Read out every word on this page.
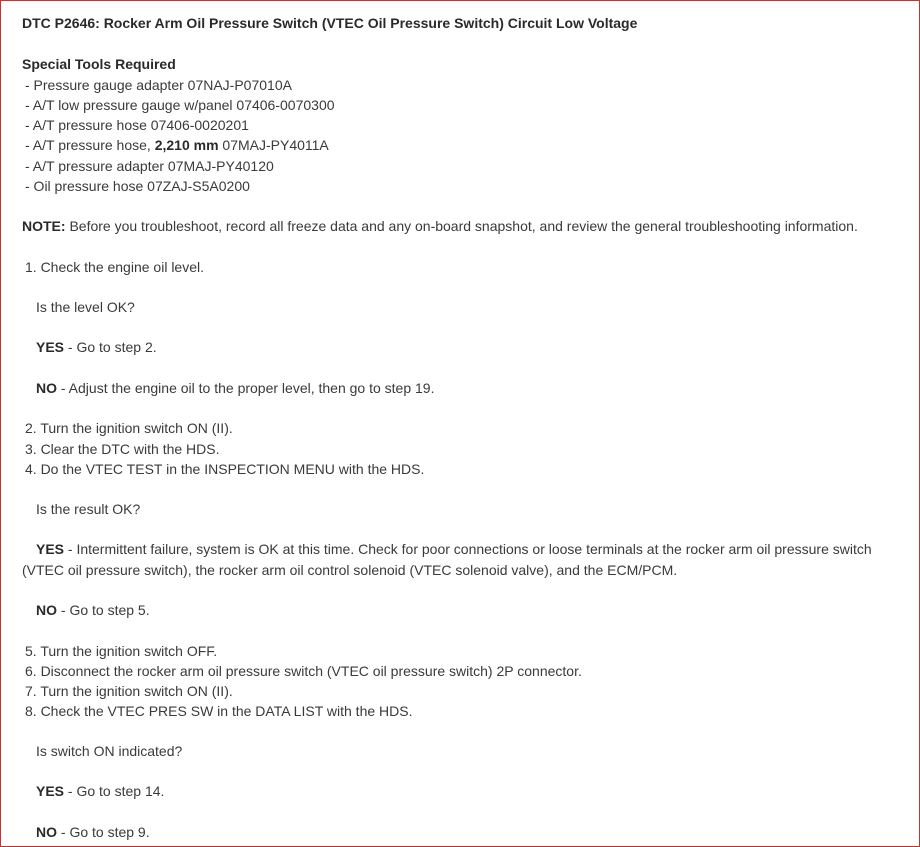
DTC P2646: Rocker Arm Oil Pressure Switch (VTEC Oil Pressure Switch) Circuit Low Voltage
Special Tools Required
- Pressure gauge adapter 07NAJ-P07010A
- A/T low pressure gauge w/panel 07406-0070300
- A/T pressure hose 07406-0020201
- A/T pressure hose, 2,210 mm 07MAJ-PY4011A
- A/T pressure adapter 07MAJ-PY40120
- Oil pressure hose 07ZAJ-S5A0200
NOTE: Before you troubleshoot, record all freeze data and any on-board snapshot, and review the general troubleshooting information.
1. Check the engine oil level.
Is the level OK?
YES - Go to step 2.
NO - Adjust the engine oil to the proper level, then go to step 19.
2. Turn the ignition switch ON (II).
3. Clear the DTC with the HDS.
4. Do the VTEC TEST in the INSPECTION MENU with the HDS.
Is the result OK?
YES - Intermittent failure, system is OK at this time. Check for poor connections or loose terminals at the rocker arm oil pressure switch (VTEC oil pressure switch), the rocker arm oil control solenoid (VTEC solenoid valve), and the ECM/PCM.
NO - Go to step 5.
5. Turn the ignition switch OFF.
6. Disconnect the rocker arm oil pressure switch (VTEC oil pressure switch) 2P connector.
7. Turn the ignition switch ON (II).
8. Check the VTEC PRES SW in the DATA LIST with the HDS.
Is switch ON indicated?
YES - Go to step 14.
NO - Go to step 9.
